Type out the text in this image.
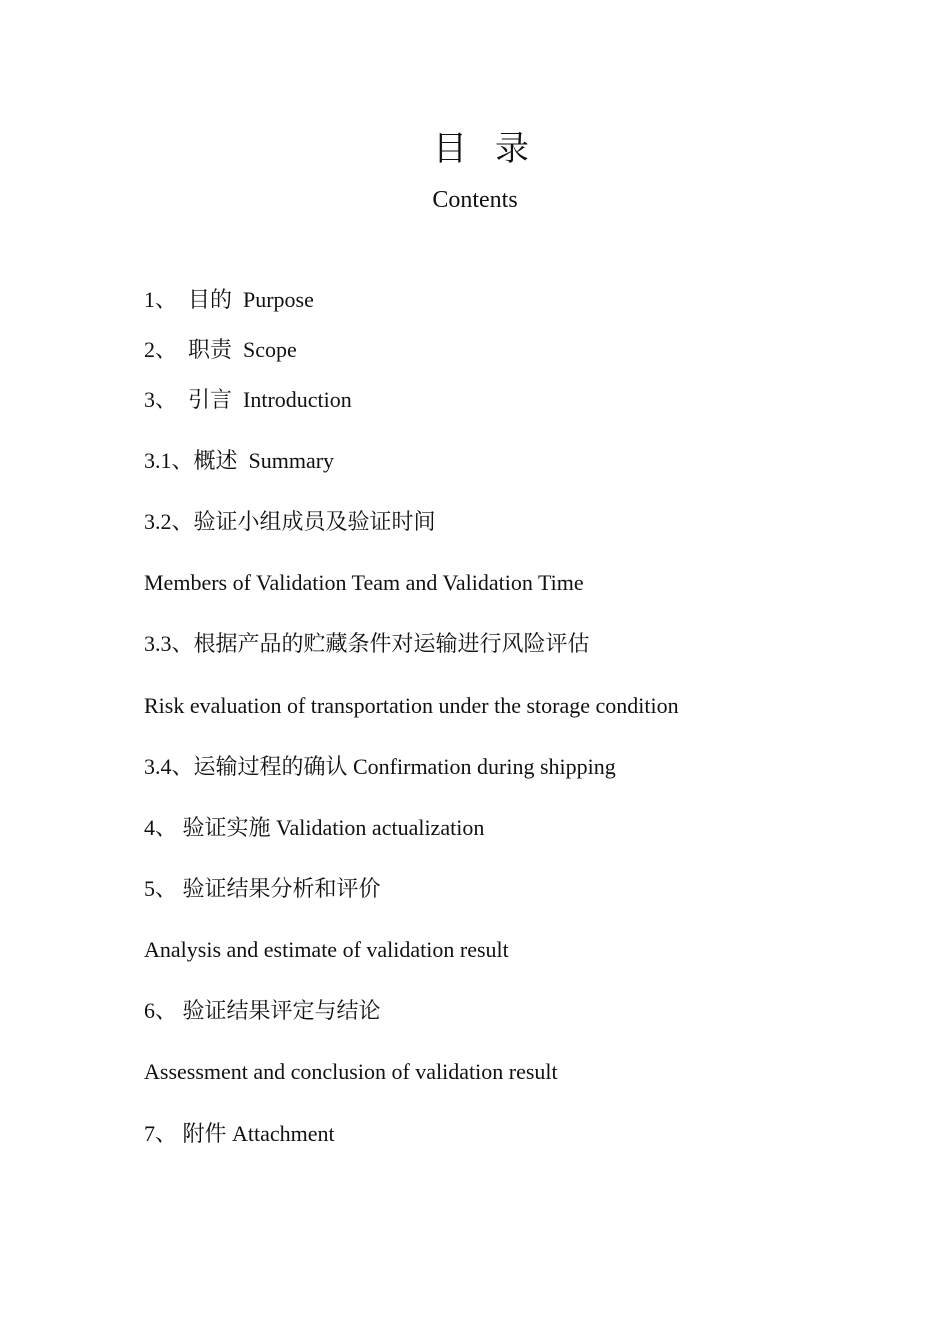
目录
Contents
1、  目的  Purpose
2、  职责  Scope
3、  引言  Introduction
3.1、概述  Summary
3.2、验证小组成员及验证时间
Members of Validation Team and Validation Time
3.3、根据产品的贮藏条件对运输进行风险评估
Risk evaluation of transportation under the storage condition
3.4、运输过程的确认 Confirmation during shipping
4、 验证实施 Validation actualization
5、 验证结果分析和评价
Analysis and estimate of validation result
6、 验证结果评定与结论
Assessment and conclusion of validation result
7、 附件 Attachment
